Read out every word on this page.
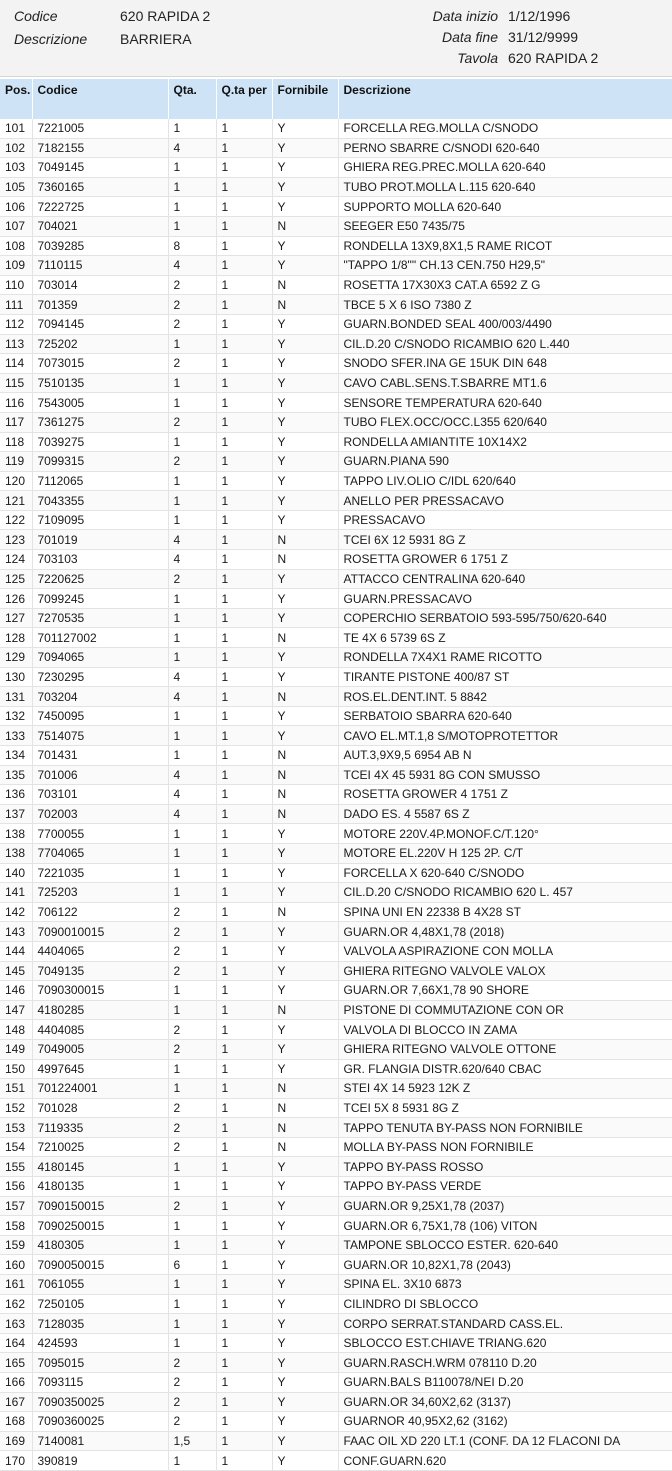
Codice	620 RAPIDA 2
Descrizione BARRIERA
Data inizio 1/12/1996
Data fine 31/12/9999
Tavola 620 RAPIDA 2
Pos.	Codice	Qta.	Q.ta per	Fornibile	Descrizione
101	7221005	1	1	Y	FORCELLA REG.MOLLA C/SNODO
102	7182155	4	1	Y	PERNO SBARRE C/SNODI 620-640
103	7049145	1	1	Y	GHIERA REG.PREC.MOLLA 620-640
105	7360165	1	1	Y	TUBO PROT.MOLLA L.115 620-640
106	7222725	1	1	Y	SUPPORTO MOLLA 620-640
107	704021	1	1	N	SEEGER E50 7435/75
108	7039285	8	1	Y	RONDELLA 13X9,8X1,5 RAME RICOT
109	7110115	4	1	Y	"TAPPO 1/8"" CH.13 CEN.750 H29,5"
110	703014	2	1	N	ROSETTA 17X30X3 CAT.A 6592 Z G
111	701359	2	1	N	TBCE 5 X 6 ISO 7380 Z
112	7094145	2	1	Y	GUARN.BONDED SEAL 400/003/4490
113	725202	1	1	Y	CIL.D.20 C/SNODO RICAMBIO 620 L.440
114	7073015	2	1	Y	SNODO SFER.INA GE 15UK DIN 648
115	7510135	1	1	Y	CAVO CABL.SENS.T.SBARRE MT1.6
116	7543005	1	1	Y	SENSORE TEMPERATURA 620-640
117	7361275	2	1	Y	TUBO FLEX.OCC/OCC.L355 620/640
118	7039275	1	1	Y	RONDELLA AMIANTITE 10X14X2
119	7099315	2	1	Y	GUARN.PIANA 590
120	7112065	1	1	Y	TAPPO LIV.OLIO C/IDL 620/640
121	7043355	1	1	Y	ANELLO PER PRESSACAVO
122	7109095	1	1	Y	PRESSACAVO
123	701019	4	1	N	TCEI 6X 12 5931 8G Z
124	703103	4	1	N	ROSETTA GROWER 6 1751 Z
125	7220625	2	1	Y	ATTACCO CENTRALINA 620-640
126	7099245	1	1	Y	GUARN.PRESSACAVO
127	7270535	1	1	Y	COPERCHIO SERBATOIO 593-595/750/620-640
128	701127002	1	1	N	TE 4X 6 5739 6S Z
129	7094065	1	1	Y	RONDELLA 7X4X1 RAME RICOTTO
130	7230295	4	1	Y	TIRANTE PISTONE 400/87 ST
131	703204	4	1	N	ROS.EL.DENT.INT. 5 8842
132	7450095	1	1	Y	SERBATOIO SBARRA 620-640
133	7514075	1	1	Y	CAVO EL.MT.1,8 S/MOTOPROTETTOR
134	701431	1	1	N	AUT.3,9X9,5 6954 AB N
135	701006	4	1	N	TCEI 4X 45 5931 8G CON SMUSSO
136	703101	4	1	N	ROSETTA GROWER 4 1751 Z
137	702003	4	1	N	DADO ES. 4 5587 6S Z
138	7700055	1	1	Y	MOTORE 220V.4P.MONOF.C/T.120°
138	7704065	1	1	Y	MOTORE EL.220V H 125 2P. C/T
140	7221035	1	1	Y	FORCELLA X 620-640 C/SNODO
141	725203	1	1	Y	CIL.D.20 C/SNODO RICAMBIO 620 L. 457
142	706122	2	1	N	SPINA UNI EN 22338 B 4X28 ST
143	7090010015	2	1	Y	GUARN.OR 4,48X1,78 (2018)
144	4404065	2	1	Y	VALVOLA ASPIRAZIONE CON MOLLA
145	7049135	2	1	Y	GHIERA RITEGNO VALVOLE VALOX
146	7090300015	1	1	Y	GUARN.OR 7,66X1,78 90 SHORE
147	4180285	1	1	N	PISTONE DI COMMUTAZIONE CON OR
148	4404085	2	1	Y	VALVOLA DI BLOCCO IN ZAMA
149	7049005	2	1	Y	GHIERA RITEGNO VALVOLE OTTONE
150	4997645	1	1	Y	GR. FLANGIA DISTR.620/640 CBAC
151	701224001	1	1	N	STEI 4X 14 5923 12K Z
152	701028	2	1	N	TCEI 5X 8 5931 8G Z
153	7119335	2	1	N	TAPPO TENUTA BY-PASS NON FORNIBILE
154	7210025	2	1	N	MOLLA BY-PASS NON FORNIBILE
155	4180145	1	1	Y	TAPPO BY-PASS ROSSO
156	4180135	1	1	Y	TAPPO BY-PASS VERDE
157	7090150015	2	1	Y	GUARN.OR 9,25X1,78 (2037)
158	7090250015	1	1	Y	GUARN.OR 6,75X1,78 (106) VITON
159	4180305	1	1	Y	TAMPONE SBLOCCO ESTER. 620-640
160	7090050015	6	1	Y	GUARN.OR 10,82X1,78 (2043)
161	7061055	1	1	Y	SPINA EL. 3X10 6873
162	7250105	1	1	Y	CILINDRO DI SBLOCCO
163	7128035	1	1	Y	CORPO SERRAT.STANDARD CASS.EL.
164	424593	1	1	Y	SBLOCCO EST.CHIAVE TRIANG.620
165	7095015	2	1	Y	GUARN.RASCH.WRM 078110 D.20
166	7093115	2	1	Y	GUARN.BALS B110078/NEI D.20
167	7090350025	2	1	Y	GUARN.OR 34,60X2,62 (3137)
168	7090360025	2	1	Y	GUARNOR 40,95X2,62 (3162)
169	7140081	1,5	1	Y	FAAC OIL XD 220 LT.1 (CONF. DA 12 FLACONI DA
170	390819	1	1	Y	CONF.GUARN.620
